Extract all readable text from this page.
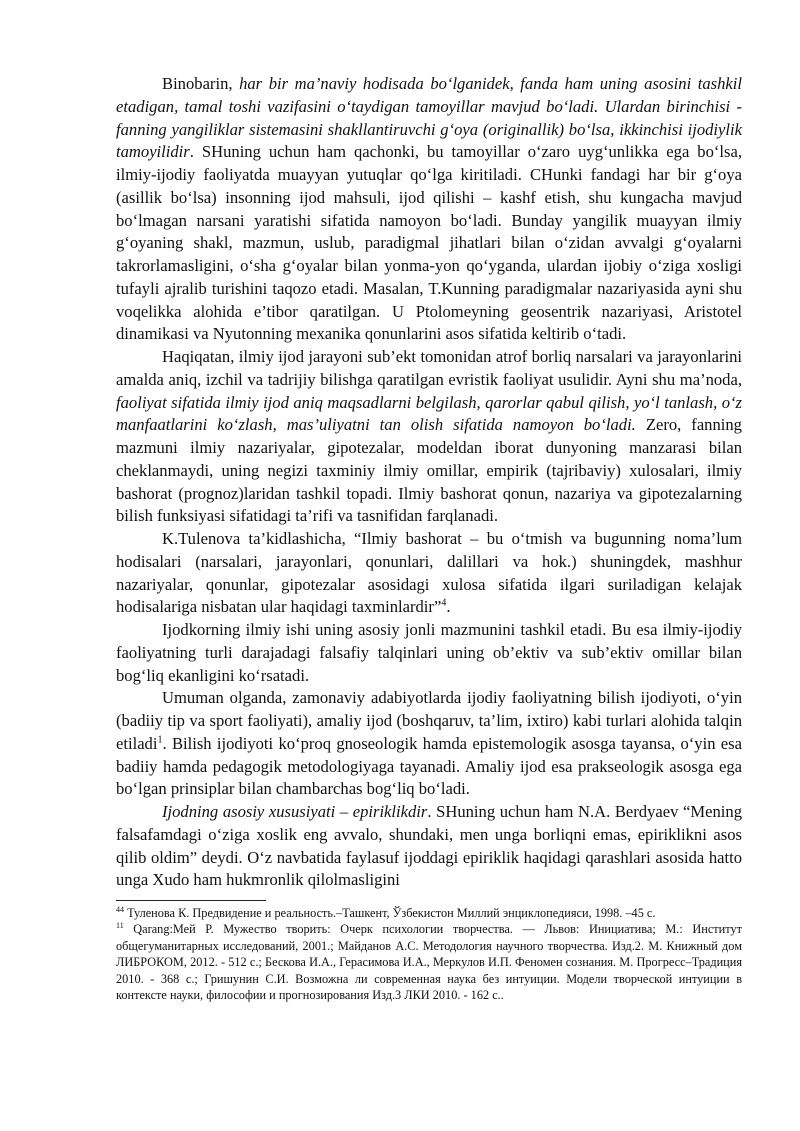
Binobarin, har bir ma’naviy hodisada bo‘lganidek, fanda ham uning asosini tashkil etadigan, tamal toshi vazifasini o‘taydigan tamoyillar mavjud bo‘ladi. Ulardan birinchisi - fanning yangiliklar sistemasini shakllantiruvchi g‘oya (originallik) bo‘lsa, ikkinchisi ijodiylik tamoyilidir. SHuning uchun ham qachonki, bu tamoyillar o‘zaro uyg‘unlikka ega bo‘lsa, ilmiy-ijodiy faoliyatda muayyan yutuqlar qo‘lga kiritiladi. CHunki fandagi har bir g‘oya (asillik bo‘lsa) insonning ijod mahsuli, ijod qilishi – kashf etish, shu kungacha mavjud bo‘lmagan narsani yaratishi sifatida namoyon bo‘ladi. Bunday yangilik muayyan ilmiy g‘oyaning shakl, mazmun, uslub, paradigmal jihatlari bilan o‘zidan avvalgi g‘oyalarni takrorlamasligini, o‘sha g‘oyalar bilan yonma-yon qo‘yganda, ulardan ijobiy o‘ziga xosligi tufayli ajralib turishini taqozo etadi. Masalan, T.Kunning paradigmalar nazariyasida ayni shu voqelikka alohida e’tibor qaratilgan. U Ptolomeyning geosentrik nazariyasi, Aristotel dinamikasi va Nyutonning mexanika qonunlarini asos sifatida keltirib o‘tadi.

Haqiqatan, ilmiy ijod jarayoni sub’ekt tomonidan atrof borliq narsalari va jarayonlarini amalda aniq, izchil va tadrijiy bilishga qaratilgan evristik faoliyat usulidir. Ayni shu ma’noda, faoliyat sifatida ilmiy ijod aniq maqsadlarni belgilash, qarorlar qabul qilish, yo‘l tanlash, o‘z manfaatlarini ko‘zlash, mas’uliyatni tan olish sifatida namoyon bo‘ladi. Zero, fanning mazmuni ilmiy nazariyalar, gipotezalar, modeldan iborat dunyoning manzarasi bilan cheklanmaydi, uning negizi taxminiy ilmiy omillar, empirik (tajribaviy) xulosalari, ilmiy bashorat (prognoz)laridan tashkil topadi. Ilmiy bashorat qonun, nazariya va gipotezalarning bilish funksiyasi sifatidagi ta’rifi va tasnifidan farqlanadi.

K.Tulenova ta’kidlashicha, “Ilmiy bashorat – bu o‘tmish va bugunning noma’lum hodisalari (narsalari, jarayonlari, qonunlari, dalillari va hok.) shuningdek, mashhur nazariyalar, qonunlar, gipotezalar asosidagi xulosa sifatida ilgari suriladigan kelajak hodisalariga nisbatan ular haqidagi taxminlardir”$^4$.

Ijodkorning ilmiy ishi uning asosiy jonli mazmunini tashkil etadi. Bu esa ilmiy-ijodiy faoliyatning turli darajadagi falsafiy talqinlari uning ob’ektiv va sub’ektiv omillar bilan bog‘liq ekanligini ko‘rsatadi.

Umuman olganda, zamonaviy adabiyotlarda ijodiy faoliyatning bilish ijodiyoti, o‘yin (badiiy tip va sport faoliyati), amaliy ijod (boshqaruv, ta’lim, ixtiro) kabi turlari alohida talqin etiladi$^1$. Bilish ijodiyoti ko‘proq gnoseologik hamda epistemologik asosga tayansa, o‘yin esa badiiy hamda pedagogik metodologiyaga tayanadi. Amaliy ijod esa prakseologik asosga ega bo‘lgan prinsiplar bilan chambarchas bog‘liq bo‘ladi.

Ijodning asosiy xususiyati – epiriklikdir. SHuning uchun ham N.A. Berdyaev “Mening falsafamdagi o‘ziga xoslik eng avvalo, shundaki, men unga borliqni emas, epiriklikni asos qilib oldim” deydi. O‘z navbatida faylasuf ijoddagi epiriklik haqidagi qarashlari asosida hatto unga Xudo ham hukmronlik qilolmasligini

$^{44}$ Туленова К. Предвидение и реальность.–Ташкент, Ўзбекистон Миллий энциклопедияси, 1998. –45 с.

$^{11}$ Qarang:Мей Р. Мужество творить: Очерк психологии творчества. — Львов: Инициатива; М.: Институт общегуманитарных исследований, 2001.; Майданов А.С. Методология научного творчества. Изд.2. М. Книжный дом ЛИБРОКОМ, 2012. - 512 с.; Бескова И.А., Герасимова И.А., Меркулов И.П. Феномен сознания. М. Прогресс–Традиция 2010. - 368 с.; Гришунин С.И. Возможна ли современная наука без интуиции. Модели творческой интуиции в контексте науки, философии и прогнозирования Изд.3 ЛКИ 2010. - 162 с..
